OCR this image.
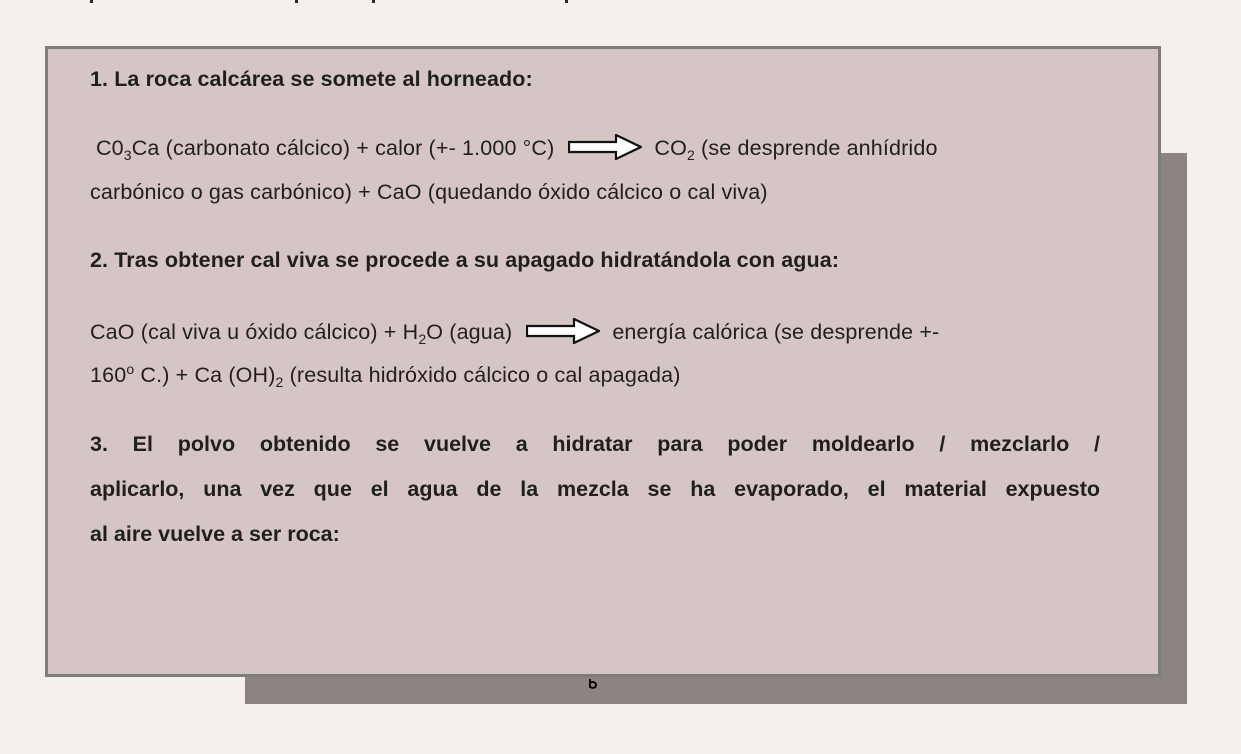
1. La roca calcárea se somete al horneado:
$C0_3Ca$ (carbonato cálcico) + calor (+- 1.000 °C)	$CO_2$ (se desprende anhídrido
carbónico o gas carbónico) + CaO (quedando óxido cálcico o cal viva)
2. Tras obtener cal viva se procede a su apagado hidratándola con agua:
CaO (cal viva u óxido cálcico) + $H_2O$ (agua)	energía calórica (se desprende +-
160$^o$ C.) + Ca $(OH)_2$ (resulta hidróxido cálcico o cal apagada)
3. El polvo obtenido se vuelve a hidratar para poder moldearlo / mezclarlo /
aplicarlo, una vez que el agua de la mezcla se ha evaporado, el material expuesto
al aire vuelve a ser roca:
